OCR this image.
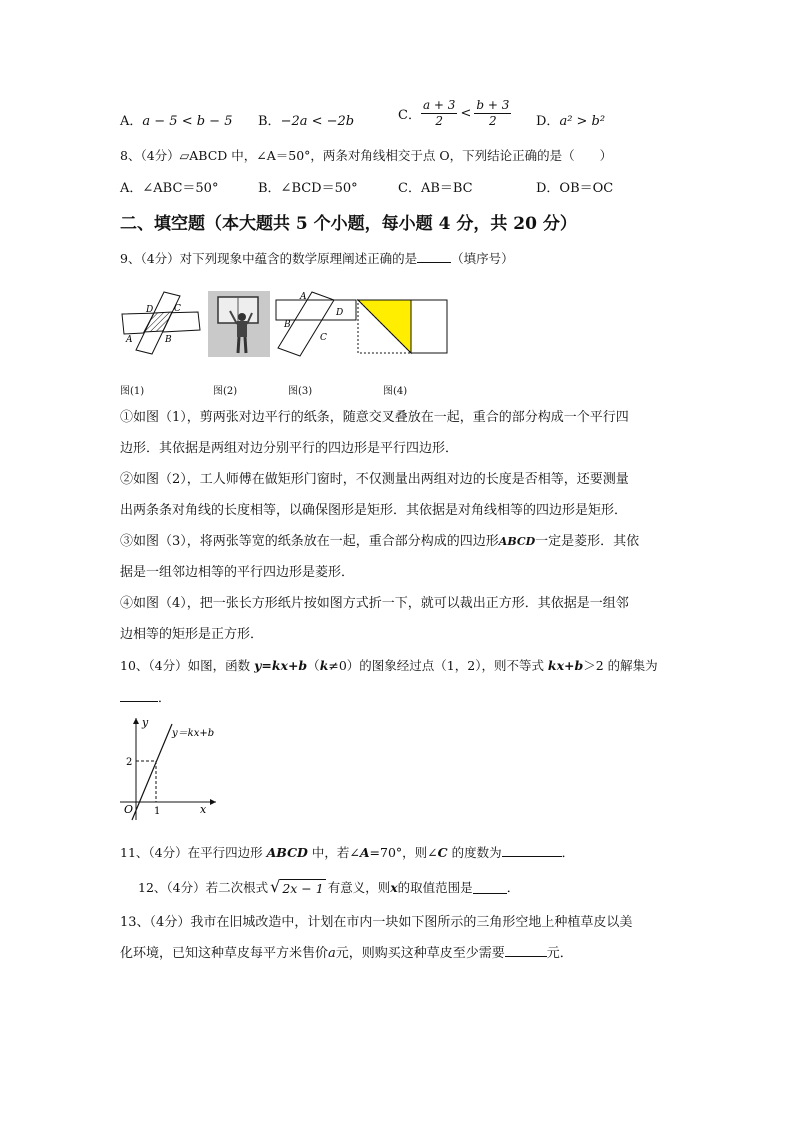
A．a − 5 < b − 5 B．−2a < −2b	C． $\frac{a + 3}{2} < \frac{b + 3}{2}$ D．a² > b²
8、（4分）▱ABCD 中，∠A＝50°，两条对角线相交于点 O，下列结论正确的是（　　）
A．∠ABC＝50°	B．∠BCD＝50°	C．AB＝BC	D．OB＝OC
二、填空题（本大题共 5 个小题，每小题 4 分，共 20 分）
9、（4分）对下列现象中蕴含的数学原理阐述正确的是	（填序号）
D C
A	B
A
D
B
C
图(1)	图(2)	图(3)	图(4)
①如图（1），剪两张对边平行的纸条，随意交叉叠放在一起，重合的部分构成一个平行四
边形．其依据是两组对边分别平行的四边形是平行四边形．
②如图（2），工人师傅在做矩形门窗时，不仅测量出两组对边的长度是否相等，还要测量
出两条条对角线的长度相等，以确保图形是矩形．其依据是对角线相等的四边形是矩形．
③如图（3），将两张等宽的纸条放在一起，重合部分构成的四边形ABCD一定是菱形．其依
据是一组邻边相等的平行四边形是菱形．
④如图（4），把一张长方形纸片按如图方式折一下，就可以裁出正方形．其依据是一组邻
边相等的矩形是正方形．
10、（4分）如图，函数 y=kx+b（k≠0）的图象经过点（1，2），则不等式 kx+b＞2 的解集为
．
y
x
O 1
2
y＝kx+b
11、（4分）在平行四边形 ABCD 中，若∠A=70°，则∠C 的度数为	．
12、（4分）若二次根式 √ 2x − 1 有意义，则 x 的取值范围是	．
13、（4分）我市在旧城改造中，计划在市内一块如下图所示的三角形空地上种植草皮以美
化环境，已知这种草皮每平方米售价a元，则购买这种草皮至少需要	元．
